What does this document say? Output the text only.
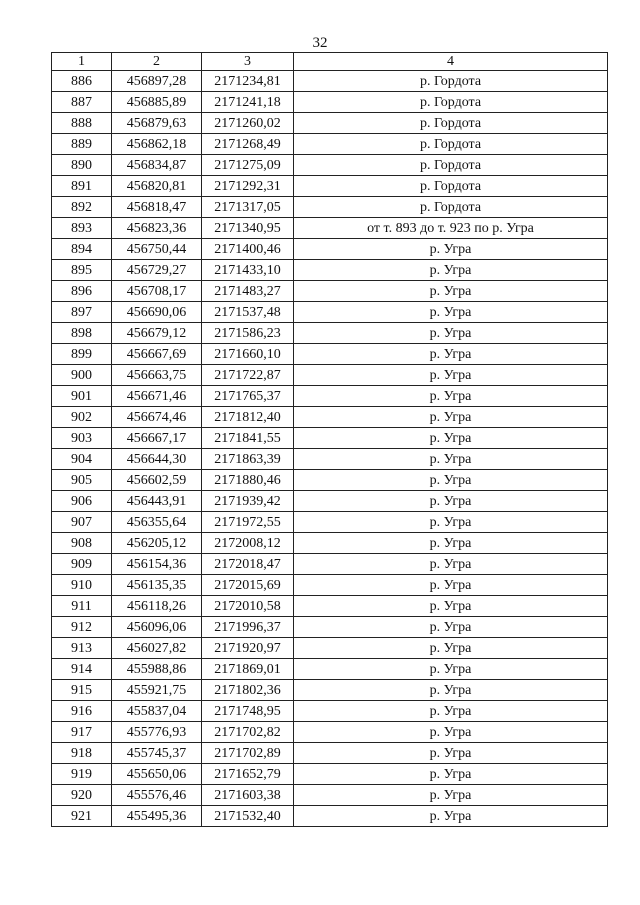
32
1	2	3	4
886	456897,28	2171234,81	р. Гордота
887	456885,89	2171241,18	р. Гордота
888	456879,63	2171260,02	р. Гордота
889	456862,18	2171268,49	р. Гордота
890	456834,87	2171275,09	р. Гордота
891	456820,81	2171292,31	р. Гордота
892	456818,47	2171317,05	р. Гордота
893	456823,36	2171340,95	от т. 893 до т. 923 по р. Угра
894	456750,44	2171400,46	р. Угра
895	456729,27	2171433,10	р. Угра
896	456708,17	2171483,27	р. Угра
897	456690,06	2171537,48	р. Угра
898	456679,12	2171586,23	р. Угра
899	456667,69	2171660,10	р. Угра
900	456663,75	2171722,87	р. Угра
901	456671,46	2171765,37	р. Угра
902	456674,46	2171812,40	р. Угра
903	456667,17	2171841,55	р. Угра
904	456644,30	2171863,39	р. Угра
905	456602,59	2171880,46	р. Угра
906	456443,91	2171939,42	р. Угра
907	456355,64	2171972,55	р. Угра
908	456205,12	2172008,12	р. Угра
909	456154,36	2172018,47	р. Угра
910	456135,35	2172015,69	р. Угра
911	456118,26	2172010,58	р. Угра
912	456096,06	2171996,37	р. Угра
913	456027,82	2171920,97	р. Угра
914	455988,86	2171869,01	р. Угра
915	455921,75	2171802,36	р. Угра
916	455837,04	2171748,95	р. Угра
917	455776,93	2171702,82	р. Угра
918	455745,37	2171702,89	р. Угра
919	455650,06	2171652,79	р. Угра
920	455576,46	2171603,38	р. Угра
921	455495,36	2171532,40	р. Угра
